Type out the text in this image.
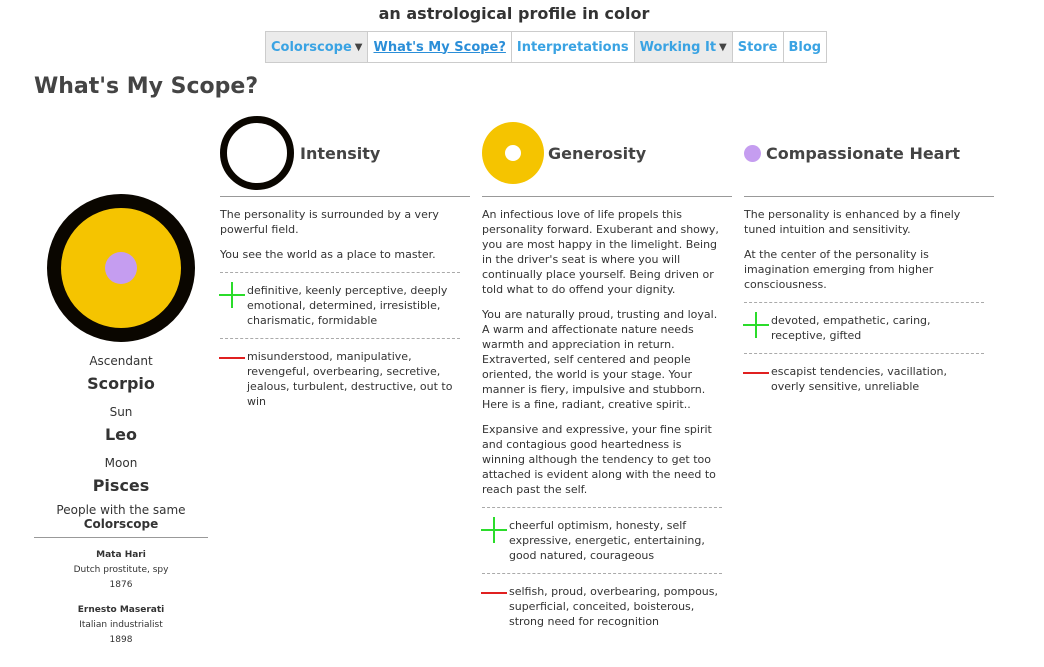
an astrological profile in color
Colorscope ▼ What's My Scope? Interpretations Working It ▼ Store Blog
What's My Scope?
Ascendant
Scorpio
Sun
Leo
Moon
Pisces
People with the same
Colorscope
Mata Hari
Dutch prostitute, spy
1876
Ernesto Maserati
Italian industrialist
1898
Intensity

The personality is surrounded by a very powerful field.

You see the world as a place to master.

definitive, keenly perceptive, deeply emotional, determined, irresistible, charismatic, formidable
misunderstood, manipulative, revengeful, overbearing, secretive, jealous, turbulent, destructive, out to win
Generosity

An infectious love of life propels this personality forward. Exuberant and showy, you are most happy in the limelight. Being in the driver's seat is where you will continually place yourself. Being driven or told what to do offend your dignity.

You are naturally proud, trusting and loyal. A warm and affectionate nature needs warmth and appreciation in return. Extraverted, self centered and people oriented, the world is your stage. Your manner is fiery, impulsive and stubborn. Here is a fine, radiant, creative spirit..

Expansive and expressive, your fine spirit and contagious good heartedness is winning although the tendency to get too attached is evident along with the need to reach past the self.

cheerful optimism, honesty, self expressive, energetic, entertaining, good natured, courageous
selfish, proud, overbearing, pompous, superficial, conceited, boisterous, strong need for recognition
Compassionate Heart

The personality is enhanced by a finely tuned intuition and sensitivity.

At the center of the personality is imagination emerging from higher consciousness.

devoted, empathetic, caring, receptive, gifted
escapist tendencies, vacillation, overly sensitive, unreliable
